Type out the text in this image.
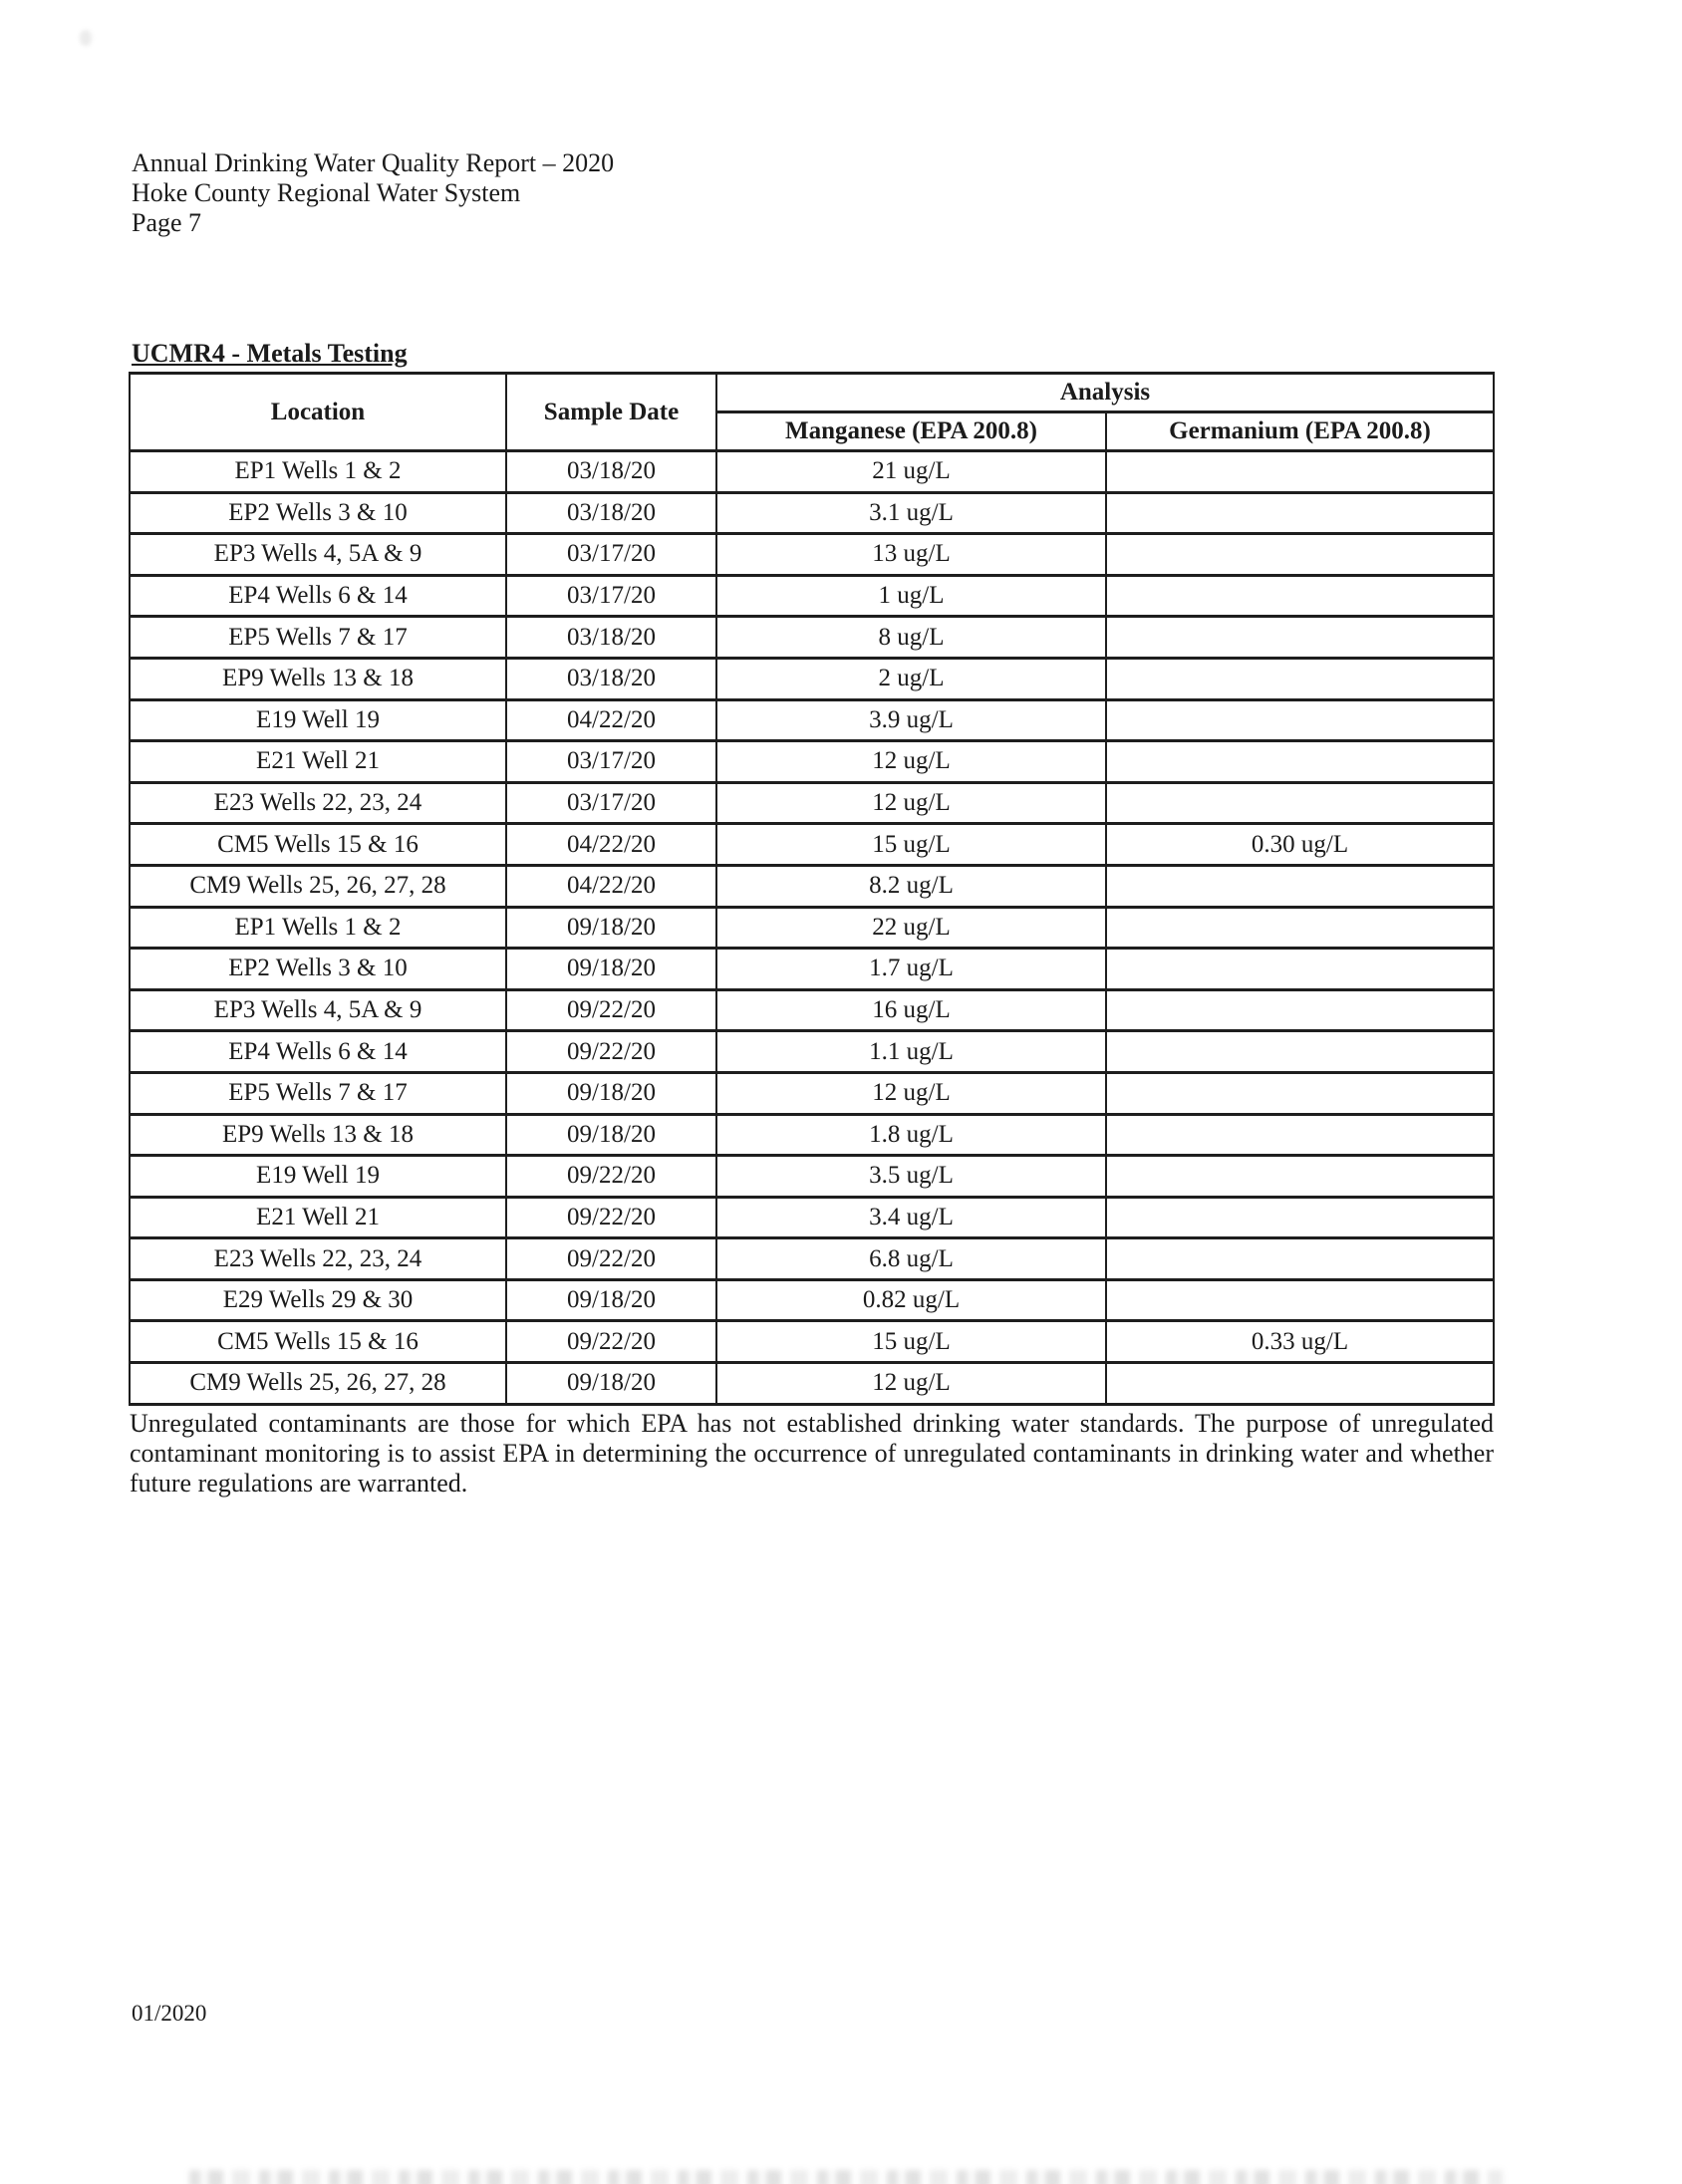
Annual Drinking Water Quality Report – 2020
Hoke County Regional Water System
Page 7
UCMR4 - Metals Testing
Location	Sample Date	Analysis	
		Manganese (EPA 200.8)	Germanium (EPA 200.8)
EP1 Wells 1 & 2	03/18/20	21 ug/L	
EP2 Wells 3 & 10	03/18/20	3.1 ug/L	
EP3 Wells 4, 5A & 9	03/17/20	13 ug/L	
EP4 Wells 6 & 14	03/17/20	1 ug/L	
EP5 Wells 7 & 17	03/18/20	8 ug/L	
EP9 Wells 13 & 18	03/18/20	2 ug/L	
E19 Well 19	04/22/20	3.9 ug/L	
E21 Well 21	03/17/20	12 ug/L	
E23 Wells 22, 23, 24	03/17/20	12 ug/L	
CM5 Wells 15 & 16	04/22/20	15 ug/L	0.30 ug/L
CM9 Wells 25, 26, 27, 28	04/22/20	8.2 ug/L	
EP1 Wells 1 & 2	09/18/20	22 ug/L	
EP2 Wells 3 & 10	09/18/20	1.7 ug/L	
EP3 Wells 4, 5A & 9	09/22/20	16 ug/L	
EP4 Wells 6 & 14	09/22/20	1.1 ug/L	
EP5 Wells 7 & 17	09/18/20	12 ug/L	
EP9 Wells 13 & 18	09/18/20	1.8 ug/L	
E19 Well 19	09/22/20	3.5 ug/L	
E21 Well 21	09/22/20	3.4 ug/L	
E23 Wells 22, 23, 24	09/22/20	6.8 ug/L	
E29 Wells 29 & 30	09/18/20	0.82 ug/L	
CM5 Wells 15 & 16	09/22/20	15 ug/L	0.33 ug/L
CM9 Wells 25, 26, 27, 28	09/18/20	12 ug/L	

Unregulated contaminants are those for which EPA has not established drinking water standards. The purpose of unregulated contaminant monitoring is to assist EPA in determining the occurrence of unregulated contaminants in drinking water and whether future regulations are warranted.

01/2020
